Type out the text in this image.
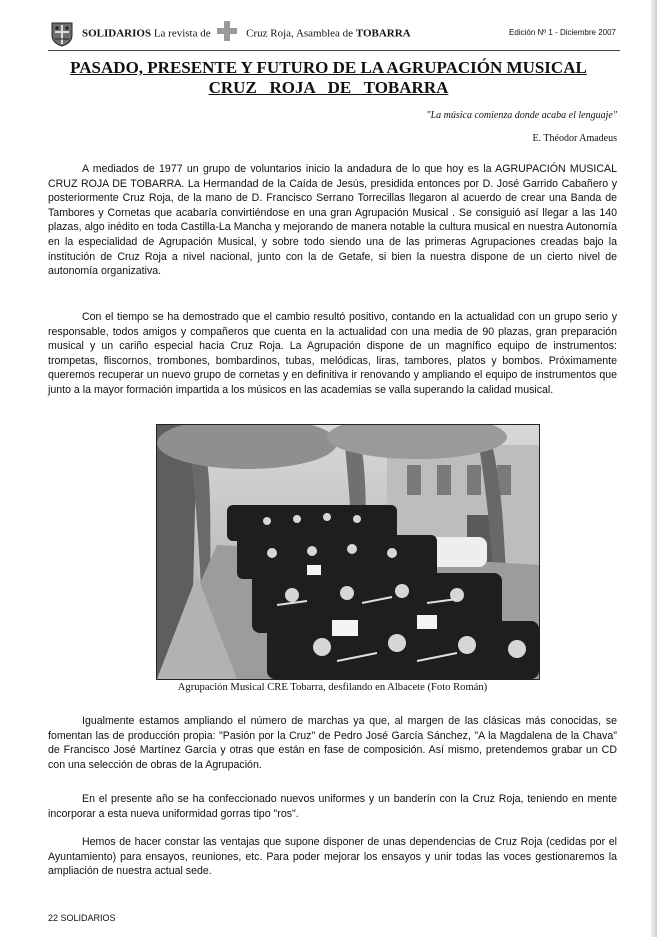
SOLIDARIOS La revista de	Cruz Roja, Asamblea de TOBARRA	Edición Nº 1 - Diciembre 2007
PASADO, PRESENTE Y FUTURO DE LA AGRUPACIÓN MUSICAL
CRUZ   ROJA   DE   TOBARRA
"La música comienza donde acaba el lenguaje"
E. Théodor Amadeus
A mediados de 1977 un grupo de voluntarios inicio la andadura de lo que hoy es la AGRUPACIÓN MUSICAL CRUZ ROJA DE TOBARRA. La Hermandad de la Caída de Jesús, presidida entonces por D. José Garrido Cabañero y posteriormente Cruz Roja, de la mano de D. Francisco Serrano Torrecillas llegaron al acuerdo de crear una Banda de Tambores y Cornetas que acabaría convirtiéndose en una gran Agrupación Musical . Se consiguió así llegar a las 140 plazas, algo inédito en toda Castilla-La Mancha y mejorando de manera notable la cultura musical en nuestra Autonomía en la especialidad de Agrupación Musical, y sobre todo siendo una de las primeras Agrupaciones creadas bajo la institución de Cruz Roja a nivel nacional, junto con la de Getafe, si bien la nuestra dispone de un cierto nivel de autonomía organizativa.
Con el tiempo se ha demostrado que el cambio resultó positivo, contando en la actualidad con un grupo serio y responsable, todos amigos y compañeros que cuenta en la actualidad con una media de 90 plazas, gran preparación musical y un cariño especial hacia Cruz Roja. La Agrupación dispone de un magnífico equipo de instrumentos: trompetas, fliscornos, trombones, bombardinos, tubas, melódicas, liras, tambores, platos y bombos. Próximamente queremos recuperar un nuevo grupo de cornetas y en definitiva ir renovando y ampliando el equipo de instrumentos que junto a la mayor formación impartida a los músicos en las academias se valla superando la calidad musical.
Agrupación Musical CRE Tobarra, desfilando en Albacete (Foto Román)
Igualmente estamos ampliando el número de marchas ya que, al margen de las clásicas más conocidas, se fomentan las de producción propia: "Pasión por la Cruz" de Pedro José García Sánchez, "A la Magdalena de la Chava" de Francisco José Martínez García y otras que están en fase de composición. Así mismo, pretendemos grabar un CD con una selección de obras de la Agrupación.
En el presente año se ha confeccionado nuevos uniformes y un banderín con la Cruz Roja, teniendo en mente incorporar a esta nueva uniformidad gorras tipo "ros".
Hemos de hacer constar las ventajas que supone disponer de unas dependencias de Cruz Roja (cedidas por el Ayuntamiento) para ensayos, reuniones, etc. Para poder mejorar los ensayos y unir todas las voces gestionaremos la ampliación de nuestra actual sede.
22 SOLIDARIOS
